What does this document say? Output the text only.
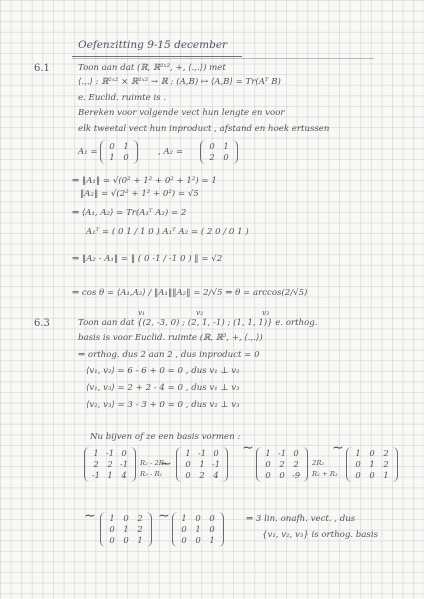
Oefenzitting 9-15 december
6.1	Toon aan dat (ℝ, ℝ²ˣ², +, ⟨.,.⟩) met
⟨.,.⟩ : ℝ²ˣ² × ℝ²ˣ² → ℝ : (A,B) ↦ ⟨A,B⟩ = Tr(Aᵀ B)
e. Euclid. ruimte is .
Bereken voor volgende vect hun lengte en voor
elk tweetal vect hun inproduct , afstand en hoek ertussen
A₁ =
0	1
1	0	, A₂ =
0	1
2	0
⇒ ‖A₁‖ = √(0² + 1² + 0² + 1²) = 1
‖A₂‖ = √(2² + 1² + 0²) = √5
⇒ ⟨A₁, A₂⟩ = Tr(A₁ᵀ A₂) = 2
A₁ᵀ = ( 0 1 / 1 0 ) A₁ᵀ A₂ = ( 2 0 / 0 1 )
⇒ ‖A₂ - A₁‖ = ‖ ( 0 -1 / -1 0 ) ‖ = √2
⇒ cos θ = ⟨A₁,A₂⟩ / ‖A₁‖‖A₂‖ = 2/√5 ⇔ θ = arccos(2/√5)
6.3
v₁	v₂	v₃
Toon aan dat {(2, -3, 0) ; (2, 1, -1) ; (1, 1, 1)} e. orthog.
basis is voor Euclid. ruimte (ℝ, ℝ³, +, ⟨.,.⟩)
⇒ orthog. dus 2 aan 2 , dus inproduct = 0
⟨v₁, v₂⟩ = 6 - 6 + 0 = 0 , dus v₁ ⊥ v₂
⟨v₁, v₃⟩ = 2 + 2 - 4 = 0 , dus v₁ ⊥ v₃
⟨v₂, v₃⟩ = 3 - 3 + 0 = 0 , dus v₂ ⊥ v₃
Nu bijven of ze een basis vormen :
1 -1 0
2	2 -1
-1 1	4
R₂ - 2R₁
R₃ - R₁
∼
1 -1 0
0	1 -1
0	2	4
∼	1 -1 0
0	2	2
0	0 -9
2R₂
R₂ + R₃
∼	1	0	2
0	1	2
0	0	1
∼	1	0	2
0	1	2
0	0	1
∼	1	0	0
0	1	0
0	0	1
⇒ 3 lin. onafh. vect. , dus
{v₁, v₂, v₃} is orthog. basis
